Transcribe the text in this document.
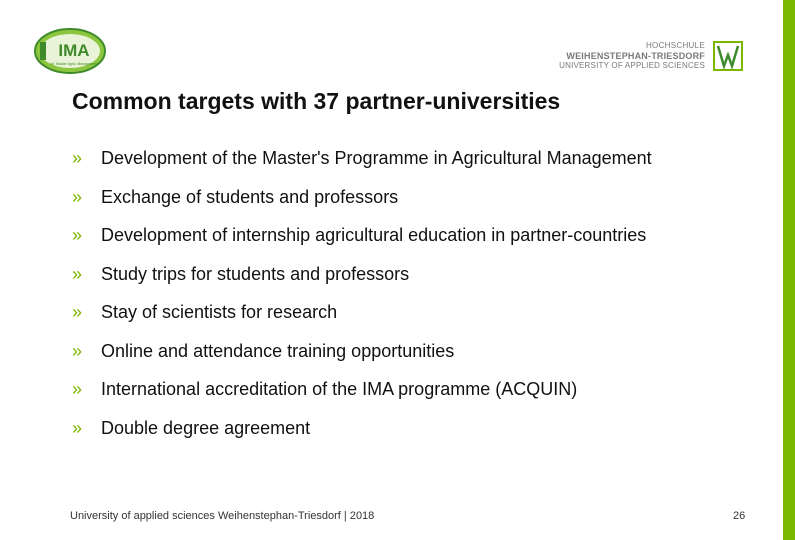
IMA
Int. Master Agric. Management
HOCHSCHULE
WEIHENSTEPHAN-TRIESDORF
UNIVERSITY OF APPLIED SCIENCES
Common targets with 37 partner-universities
»	Development of the Master's Programme in Agricultural Management
»	Exchange of students and professors
»	Development of internship agricultural education in partner-countries
»	Study trips for students and professors
»	Stay of scientists for research
»	Online and attendance training opportunities
»	International accreditation of the IMA programme (ACQUIN)
»	Double degree agreement
University of applied sciences Weihenstephan-Triesdorf | 2018	26
